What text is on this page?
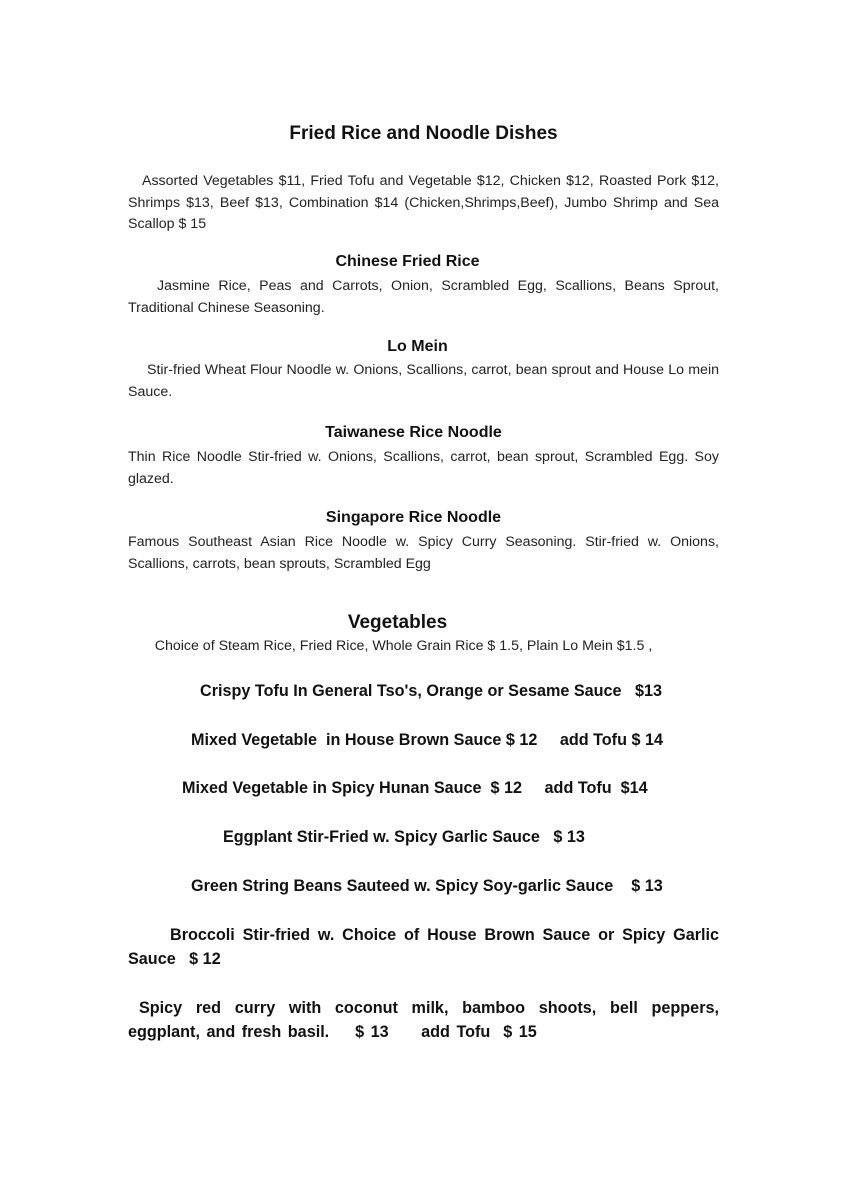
Fried Rice and Noodle Dishes
Assorted Vegetables $11, Fried Tofu and Vegetable $12, Chicken $12, Roasted Pork $12, Shrimps $13, Beef $13, Combination $14 (Chicken,Shrimps,Beef), Jumbo Shrimp and Sea Scallop $ 15
Chinese Fried Rice
Jasmine Rice, Peas and Carrots, Onion, Scrambled Egg, Scallions, Beans Sprout, Traditional Chinese Seasoning.
Lo Mein
Stir-fried Wheat Flour Noodle w. Onions, Scallions, carrot, bean sprout and House Lo mein Sauce.
Taiwanese Rice Noodle
Thin Rice Noodle Stir-fried w. Onions, Scallions, carrot, bean sprout, Scrambled Egg. Soy glazed.
Singapore Rice Noodle
Famous Southeast Asian Rice Noodle w. Spicy Curry Seasoning. Stir-fried w. Onions, Scallions, carrots, bean sprouts, Scrambled Egg
Vegetables
Choice of Steam Rice, Fried Rice, Whole Grain Rice $ 1.5, Plain Lo Mein $1.5 ,
Crispy Tofu In General Tso's, Orange or Sesame Sauce   $13
Mixed Vegetable  in House Brown Sauce $ 12     add Tofu $ 14
Mixed Vegetable in Spicy Hunan Sauce  $ 12     add Tofu  $14
Eggplant Stir-Fried w. Spicy Garlic Sauce   $ 13
Green String Beans Sauteed w. Spicy Soy-garlic Sauce    $ 13
Broccoli Stir-fried w. Choice of House Brown Sauce or Spicy Garlic Sauce   $ 12
Spicy red curry with coconut milk, bamboo shoots, bell peppers, eggplant, and fresh basil.    $ 13     add Tofu  $ 15
